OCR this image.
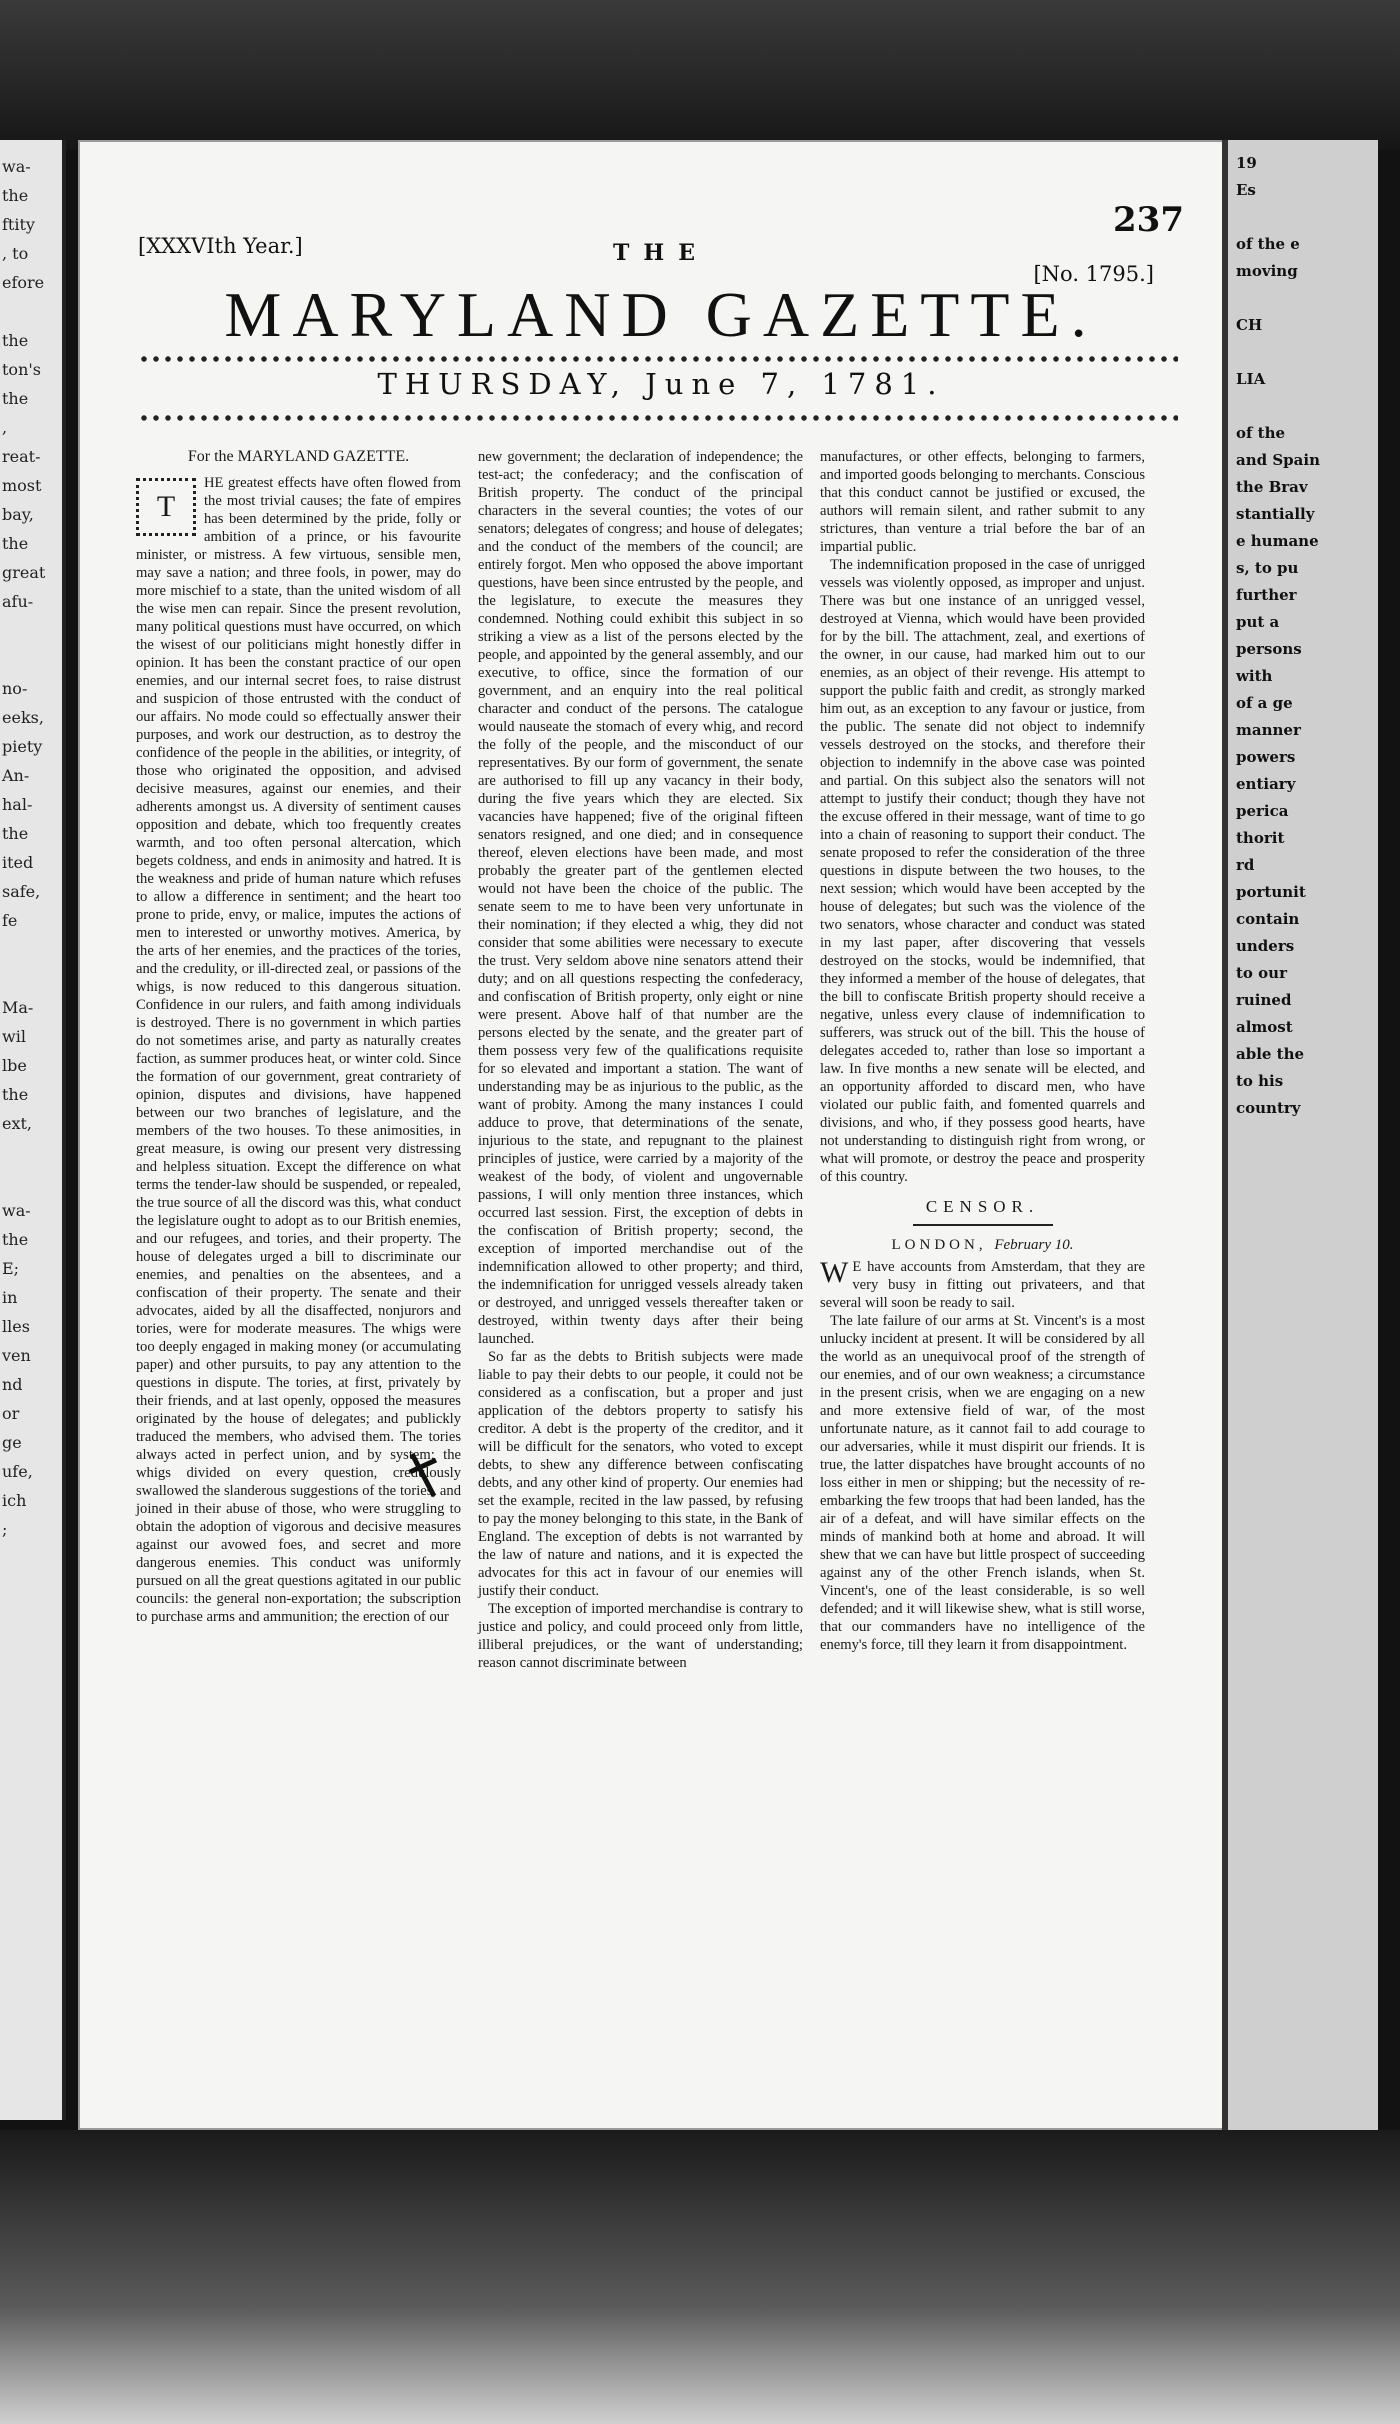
wa-
the
ftity
, to
efore

the
ton's
the
,
reat-
most
bay,
the
great
afu-

no-
eeks,
piety
An-
hal-
the
ited
safe,
fe

Ma-
wil
lbe
the
ext,

wa-
the
E;
in
lles
ven
nd
or
ge
ufe,
ich
;
237
[XXXVIth Year.]	THE
[No. 1795.]
MARYLAND GAZETTE.
THURSDAY, June 7, 1781.
For the MARYLAND GAZETTE.
T

HE greatest effects have often flowed from the most trivial causes; the fate of empires has been determined by the pride, folly or ambition of a prince, or his favourite minister, or mistress. A few virtuous, sensible men, may save a nation; and three fools, in power, may do more mischief to a state, than the united wisdom of all the wise men can repair. Since the present revolution, many political questions must have occurred, on which the wisest of our politicians might honestly differ in opinion. It has been the constant practice of our open enemies, and our internal secret foes, to raise distrust and suspicion of those entrusted with the conduct of our affairs. No mode could so effectually answer their purposes, and work our destruction, as to destroy the confidence of the people in the abilities, or integrity, of those who originated the opposition, and advised decisive measures, against our enemies, and their adherents amongst us. A diversity of sentiment causes opposition and debate, which too frequently creates warmth, and too often personal altercation, which begets coldness, and ends in animosity and hatred. It is the weakness and pride of human nature which refuses to allow a difference in sentiment; and the heart too prone to pride, envy, or malice, imputes the actions of men to interested or unworthy motives. America, by the arts of her enemies, and the practices of the tories, and the credulity, or ill-directed zeal, or passions of the whigs, is now reduced to this dangerous situation. Confidence in our rulers, and faith among individuals is destroyed. There is no government in which parties do not sometimes arise, and party as naturally creates faction, as summer produces heat, or winter cold. Since the formation of our government, great contrariety of opinion, disputes and divisions, have happened between our two branches of legislature, and the members of the two houses. To these animosities, in great measure, is owing our present very distressing and helpless situation. Except the difference on what terms the tender-law should be suspended, or repealed, the true source of all the discord was this, what conduct the legislature ought to adopt as to our British enemies, and our refugees, and tories, and their property. The house of delegates urged a bill to discriminate our enemies, and penalties on the absentees, and a confiscation of their property. The senate and their advocates, aided by all the disaffected, nonjurors and tories, were for moderate measures. The whigs were too deeply engaged in making money (or accumulating paper) and other pursuits, to pay any attention to the questions in dispute. The tories, at first, privately by their friends, and at last openly, opposed the measures originated by the house of delegates; and publickly traduced the members, who advised them. The tories always acted in perfect union, and by system; the whigs divided on every question, credulously swallowed the slanderous suggestions of the tories, and joined in their abuse of those, who were struggling to obtain the adoption of vigorous and decisive measures against our avowed foes, and secret and more dangerous enemies. This conduct was uniformly pursued on all the great questions agitated in our public councils: the general non-exportation; the subscription to purchase arms and ammunition; the erection of our

new government; the declaration of independence; the test-act; the confederacy; and the confiscation of British property. The conduct of the principal characters in the several counties; the votes of our senators; delegates of congress; and house of delegates; and the conduct of the members of the council; are entirely forgot. Men who opposed the above important questions, have been since entrusted by the people, and the legislature, to execute the measures they condemned. Nothing could exhibit this subject in so striking a view as a list of the persons elected by the people, and appointed by the general assembly, and our executive, to office, since the formation of our government, and an enquiry into the real political character and conduct of the persons. The catalogue would nauseate the stomach of every whig, and record the folly of the people, and the misconduct of our representatives. By our form of government, the senate are authorised to fill up any vacancy in their body, during the five years which they are elected. Six vacancies have happened; five of the original fifteen senators resigned, and one died; and in consequence thereof, eleven elections have been made, and most probably the greater part of the gentlemen elected would not have been the choice of the public. The senate seem to me to have been very unfortunate in their nomination; if they elected a whig, they did not consider that some abilities were necessary to execute the trust. Very seldom above nine senators attend their duty; and on all questions respecting the confederacy, and confiscation of British property, only eight or nine were present. Above half of that number are the persons elected by the senate, and the greater part of them possess very few of the qualifications requisite for so elevated and important a station. The want of understanding may be as injurious to the public, as the want of probity. Among the many instances I could adduce to prove, that determinations of the senate, injurious to the state, and repugnant to the plainest principles of justice, were carried by a majority of the weakest of the body, of violent and ungovernable passions, I will only mention three instances, which occurred last session. First, the exception of debts in the confiscation of British property; second, the exception of imported merchandise out of the indemnification allowed to other property; and third, the indemnification for unrigged vessels already taken or destroyed, and unrigged vessels thereafter taken or destroyed, within twenty days after their being launched.

So far as the debts to British subjects were made liable to pay their debts to our people, it could not be considered as a confiscation, but a proper and just application of the debtors property to satisfy his creditor. A debt is the property of the creditor, and it will be difficult for the senators, who voted to except debts, to shew any difference between confiscating debts, and any other kind of property. Our enemies had set the example, recited in the law passed, by refusing to pay the money belonging to this state, in the Bank of England. The exception of debts is not warranted by the law of nature and nations, and it is expected the advocates for this act in favour of our enemies will justify their conduct.

The exception of imported merchandise is contrary to justice and policy, and could proceed only from little, illiberal prejudices, or the want of understanding; reason cannot discriminate between

manufactures, or other effects, belonging to farmers, and imported goods belonging to merchants. Conscious that this conduct cannot be justified or excused, the authors will remain silent, and rather submit to any strictures, than venture a trial before the bar of an impartial public.

The indemnification proposed in the case of unrigged vessels was violently opposed, as improper and unjust. There was but one instance of an unrigged vessel, destroyed at Vienna, which would have been provided for by the bill. The attachment, zeal, and exertions of the owner, in our cause, had marked him out to our enemies, as an object of their revenge. His attempt to support the public faith and credit, as strongly marked him out, as an exception to any favour or justice, from the public. The senate did not object to indemnify vessels destroyed on the stocks, and therefore their objection to indemnify in the above case was pointed and partial. On this subject also the senators will not attempt to justify their conduct; though they have not the excuse offered in their message, want of time to go into a chain of reasoning to support their conduct. The senate proposed to refer the consideration of the three questions in dispute between the two houses, to the next session; which would have been accepted by the house of delegates; but such was the violence of the two senators, whose character and conduct was stated in my last paper, after discovering that vessels destroyed on the stocks, would be indemnified, that they informed a member of the house of delegates, that the bill to confiscate British property should receive a negative, unless every clause of indemnification to sufferers, was struck out of the bill. This the house of delegates acceded to, rather than lose so important a law. In five months a new senate will be elected, and an opportunity afforded to discard men, who have violated our public faith, and fomented quarrels and divisions, and who, if they possess good hearts, have not understanding to distinguish right from wrong, or what will promote, or destroy the peace and prosperity of this country.

CENSOR.
LONDON, February 10.
W E have accounts from Amsterdam, that they are very busy in fitting out privateers, and that several will soon be ready to sail.

The late failure of our arms at St. Vincent's is a most unlucky incident at present. It will be considered by all the world as an unequivocal proof of the strength of our enemies, and of our own weakness; a circumstance in the present crisis, when we are engaging on a new and more extensive field of war, of the most unfortunate nature, as it cannot fail to add courage to our adversaries, while it must dispirit our friends. It is true, the latter dispatches have brought accounts of no loss either in men or shipping; but the necessity of re-embarking the few troops that had been landed, has the air of a defeat, and will have similar effects on the minds of mankind both at home and abroad. It will shew that we can have but little prospect of succeeding against any of the other French islands, when St. Vincent's, one of the least considerable, is so well defended; and it will likewise shew, what is still worse, that our commanders have no intelligence of the enemy's force, till they learn it from disappointment.

19
Es

of the e
moving

CH

LIA

of the
and Spain
the Brav
stantially
e humane
s, to pu
further
put a
persons
with
of a ge
manner
powers
entiary
perica
thorit
rd
portunit
contain
unders
to our
ruined
almost
able the
to his
country
